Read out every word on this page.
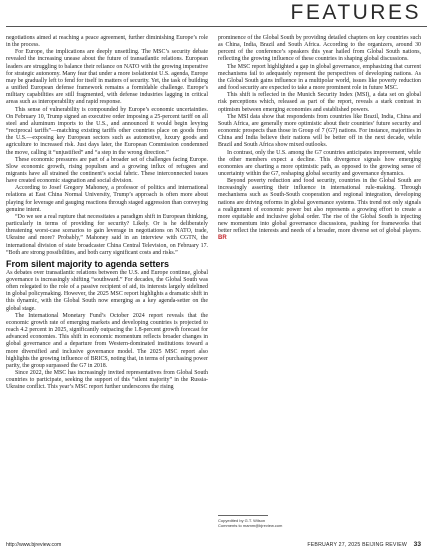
FEATURES

negotiations aimed at reaching a peace agreement, further diminishing Europe’s role in the process.

For Europe, the implications are deeply unsettling. The MSC’s security debate revealed the increasing unease about the future of transatlantic relations. European leaders are struggling to balance their reliance on NATO with the growing imperative for strategic autonomy. Many fear that under a more isolationist U.S. agenda, Europe may be gradually left to fend for itself in matters of security. Yet, the task of building a unified European defense framework remains a formidable challenge. Europe’s military capabilities are still fragmented, with defense industries lagging in critical areas such as interoperability and rapid response.

This sense of vulnerability is compounded by Europe’s economic uncertainties. On February 10, Trump signed an executive order imposing a 25-percent tariff on all steel and aluminum imports to the U.S., and announced it would begin levying “reciprocal tariffs”—matching existing tariffs other countries place on goods from the U.S.—exposing key European sectors such as automotive, luxury goods and agriculture to increased risk. Just days later, the European Commission condemned the move, calling it “unjustified” and “a step in the wrong direction.”

These economic pressures are part of a broader set of challenges facing Europe. Slow economic growth, rising populism and a growing influx of refugees and migrants have all strained the continent’s social fabric. These interconnected issues have created economic stagnation and social division.

According to Josef Gregory Mahoney, a professor of politics and international relations at East China Normal University, Trump’s approach is often more about playing for leverage and gauging reactions through staged aggression than conveying genuine intent.

“Do we see a real rupture that necessitates a paradigm shift in European thinking, particularly in terms of providing for security? Likely. Or is he deliberately threatening worst-case scenarios to gain leverage in negotiations on NATO, trade, Ukraine and more? Probably,” Mahoney said in an interview with CGTN, the international division of state broadcaster China Central Television, on February 17. “Both are strong possibilities, and both carry significant costs and risks.”

From silent majority to agenda setters

As debates over transatlantic relations between the U.S. and Europe continue, global governance is increasingly shifting “southward.” For decades, the Global South was often relegated to the role of a passive recipient of aid, its interests largely sidelined in global policymaking. However, the 2025 MSC report highlights a dramatic shift in this dynamic, with the Global South now emerging as a key agenda-setter on the global stage.

The International Monetary Fund’s October 2024 report reveals that the economic growth rate of emerging markets and developing countries is projected to reach 4.2 percent in 2025, significantly outpacing the 1.8-percent growth forecast for advanced economies. This shift in economic momentum reflects broader changes in global governance and a departure from Western-dominated institutions toward a more diversified and inclusive governance model. The 2025 MSC report also highlights the growing influence of BRICS, noting that, in terms of purchasing power parity, the group surpassed the G7 in 2018.

Since 2022, the MSC has increasingly invited representatives from Global South countries to participate, seeking the support of this “silent majority” in the Russia-Ukraine conflict. This year’s MSC report further underscores the rising

prominence of the Global South by providing detailed chapters on key countries such as China, India, Brazil and South Africa. According to the organizers, around 30 percent of the conference’s speakers this year hailed from Global South nations, reflecting the growing influence of these countries in shaping global discussions.

The MSC report highlighted a gap in global governance, emphasizing that current mechanisms fail to adequately represent the perspectives of developing nations. As the Global South gains influence in a multipolar world, issues like poverty reduction and food security are expected to take a more prominent role in future MSC.

This shift is reflected in the Munich Security Index (MSI), a data set on global risk perceptions which, released as part of the report, reveals a stark contrast in optimism between emerging economies and established powers.

The MSI data show that respondents from countries like Brazil, India, China and South Africa, are generally more optimistic about their countries’ future security and economic prospects than those in Group of 7 (G7) nations. For instance, majorities in China and India believe their nations will be better off in the next decade, while Brazil and South Africa show mixed outlooks.

In contrast, only the U.S. among the G7 countries anticipates improvement, while the other members expect a decline. This divergence signals how emerging economies are charting a more optimistic path, as opposed to the growing sense of uncertainty within the G7, reshaping global security and governance dynamics.

Beyond poverty reduction and food security, countries in the Global South are increasingly asserting their influence in international rule-making. Through mechanisms such as South-South cooperation and regional integration, developing nations are driving reforms in global governance systems. This trend not only signals a realignment of economic power but also represents a growing effort to create a more equitable and inclusive global order. The rise of the Global South is injecting new momentum into global governance discussions, pushing for frameworks that better reflect the interests and needs of a broader, more diverse set of global players. BR

Copyedited by G.T. Wilson
Comments to mamm@bjreview.com
http://www.bjreview.com	FEBRUARY 27, 2025 BEIJING REVIEW 33
